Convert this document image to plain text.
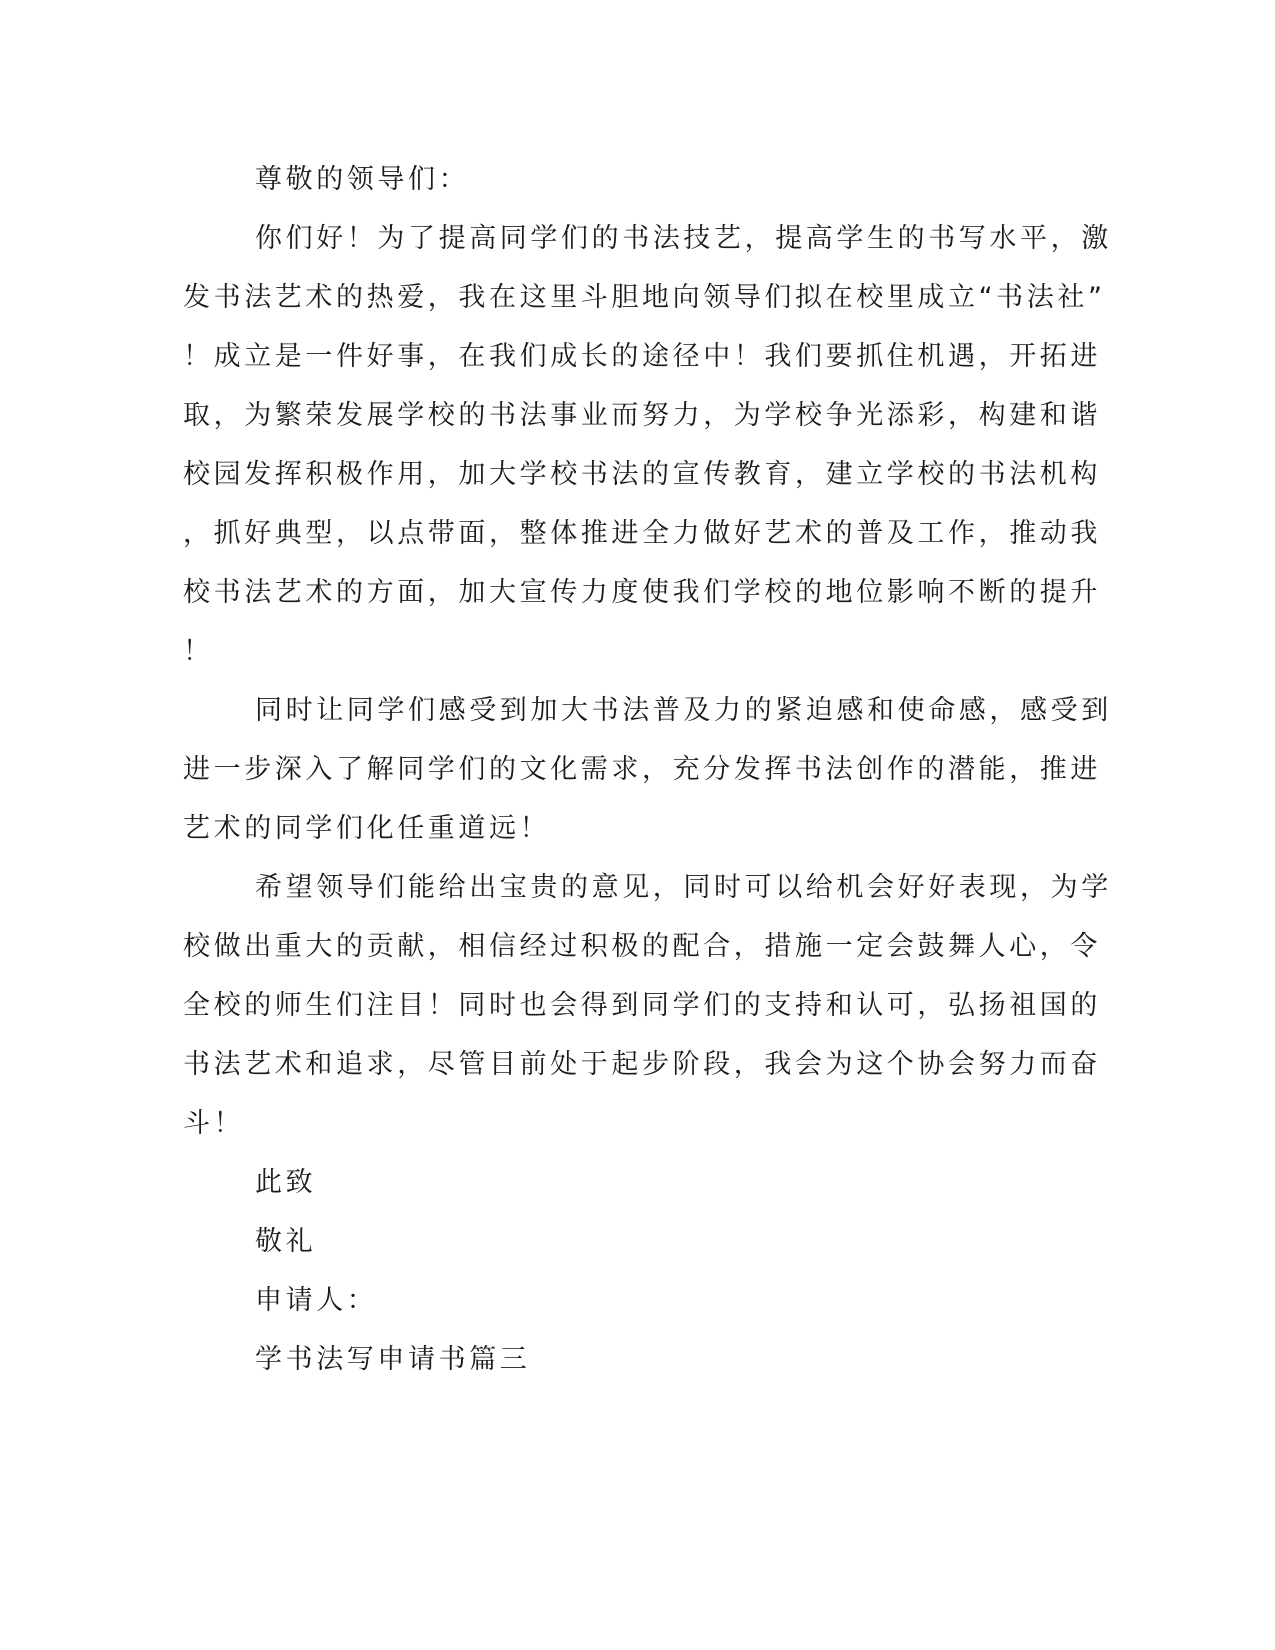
尊敬的领导们：
你们好！为了提高同学们的书法技艺，提高学生的书写水平，激
发书法艺术的热爱，我在这里斗胆地向领导们拟在校里成立“书法社”
！成立是一件好事，在我们成长的途径中！我们要抓住机遇，开拓进
取，为繁荣发展学校的书法事业而努力，为学校争光添彩，构建和谐
校园发挥积极作用，加大学校书法的宣传教育，建立学校的书法机构
，抓好典型，以点带面，整体推进全力做好艺术的普及工作，推动我
校书法艺术的方面，加大宣传力度使我们学校的地位影响不断的提升
！
同时让同学们感受到加大书法普及力的紧迫感和使命感，感受到
进一步深入了解同学们的文化需求，充分发挥书法创作的潜能，推进
艺术的同学们化任重道远！
希望领导们能给出宝贵的意见，同时可以给机会好好表现，为学
校做出重大的贡献，相信经过积极的配合，措施一定会鼓舞人心，令
全校的师生们注目！同时也会得到同学们的支持和认可，弘扬祖国的
书法艺术和追求，尽管目前处于起步阶段，我会为这个协会努力而奋
斗！
此致
敬礼
申请人：
学书法写申请书篇三
